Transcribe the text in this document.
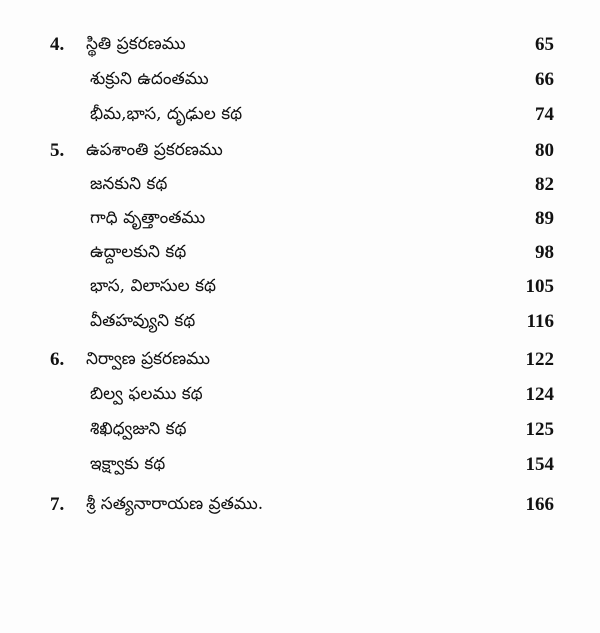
4. స్థితి ప్రకరణము	65
శుక్రుని ఉదంతము	66
భీమ,భాస, దృఢుల కథ	74
5. ఉపశాంతి ప్రకరణము	80
జనకుని కథ	82
గాధి వృత్తాంతము	89
ఉద్దాలకుని కథ	98
భాస, విలాసుల కథ	105
వీతహవ్యుని కథ	116
6. నిర్వాణ ప్రకరణము	122
బిల్వ ఫలము కథ	124
శిఖిధ్వజుని కథ	125
ఇక్ష్వాకు కథ	154
7. శ్రీ సత్యనారాయణ వ్రతము.	166
